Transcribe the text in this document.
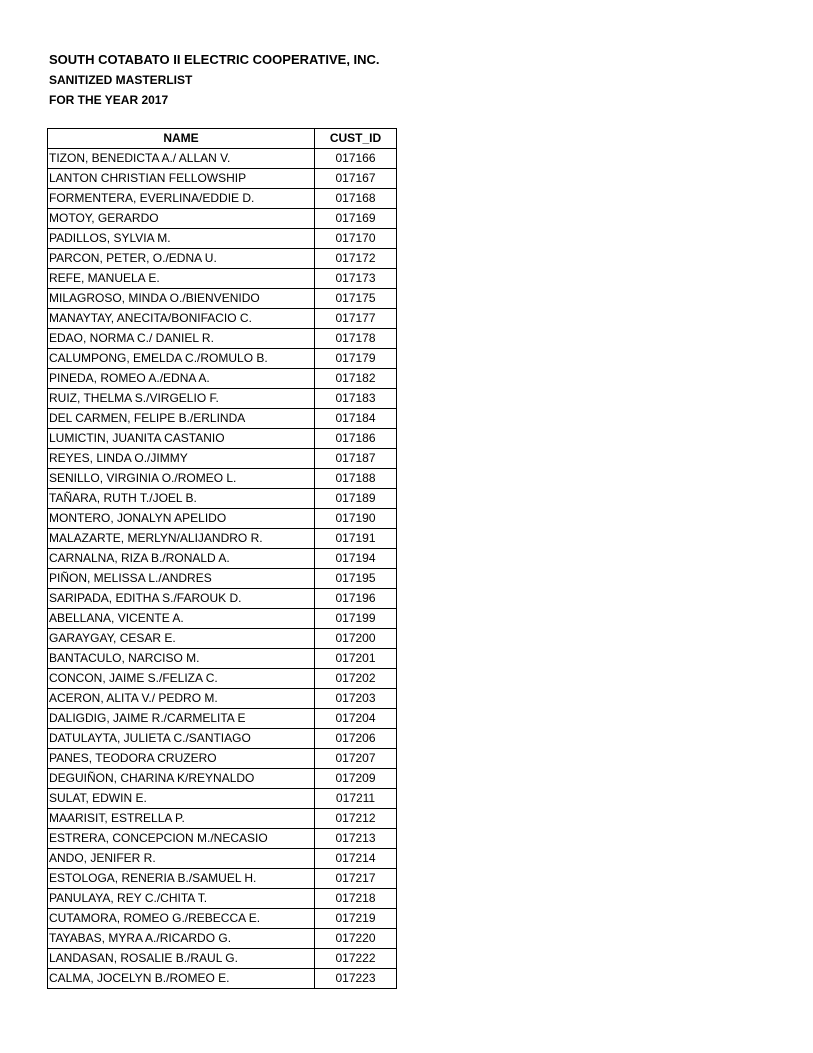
SOUTH COTABATO II ELECTRIC COOPERATIVE, INC.
SANITIZED MASTERLIST
FOR THE YEAR 2017
NAME	CUST_ID
TIZON, BENEDICTA A./ ALLAN V.	017166
LANTON CHRISTIAN FELLOWSHIP	017167
FORMENTERA, EVERLINA/EDDIE D.	017168
MOTOY, GERARDO	017169
PADILLOS, SYLVIA M.	017170
PARCON, PETER, O./EDNA U.	017172
REFE, MANUELA E.	017173
MILAGROSO, MINDA O./BIENVENIDO	017175
MANAYTAY, ANECITA/BONIFACIO C.	017177
EDAO, NORMA C./ DANIEL R.	017178
CALUMPONG, EMELDA C./ROMULO B.	017179
PINEDA, ROMEO A./EDNA A.	017182
RUIZ, THELMA S./VIRGELIO F.	017183
DEL CARMEN, FELIPE B./ERLINDA	017184
LUMICTIN, JUANITA CASTANIO	017186
REYES, LINDA O./JIMMY	017187
SENILLO, VIRGINIA O./ROMEO L.	017188
TAÑARA, RUTH T./JOEL B.	017189
MONTERO, JONALYN APELIDO	017190
MALAZARTE, MERLYN/ALIJANDRO R.	017191
CARNALNA, RIZA B./RONALD A.	017194
PIÑON, MELISSA L./ANDRES	017195
SARIPADA, EDITHA S./FAROUK D.	017196
ABELLANA, VICENTE A.	017199
GARAYGAY, CESAR E.	017200
BANTACULO, NARCISO M.	017201
CONCON, JAIME S./FELIZA C.	017202
ACERON, ALITA V./ PEDRO M.	017203
DALIGDIG, JAIME R./CARMELITA E	017204
DATULAYTA, JULIETA C./SANTIAGO	017206
PANES, TEODORA CRUZERO	017207
DEGUIÑON, CHARINA K/REYNALDO	017209
SULAT, EDWIN E.	017211
MAARISIT, ESTRELLA P.	017212
ESTRERA, CONCEPCION M./NECASIO	017213
ANDO, JENIFER R.	017214
ESTOLOGA, RENERIA B./SAMUEL H.	017217
PANULAYA, REY C./CHITA T.	017218
CUTAMORA, ROMEO G./REBECCA E.	017219
TAYABAS, MYRA A./RICARDO G.	017220
LANDASAN, ROSALIE B./RAUL G.	017222
CALMA, JOCELYN B./ROMEO E.	017223
